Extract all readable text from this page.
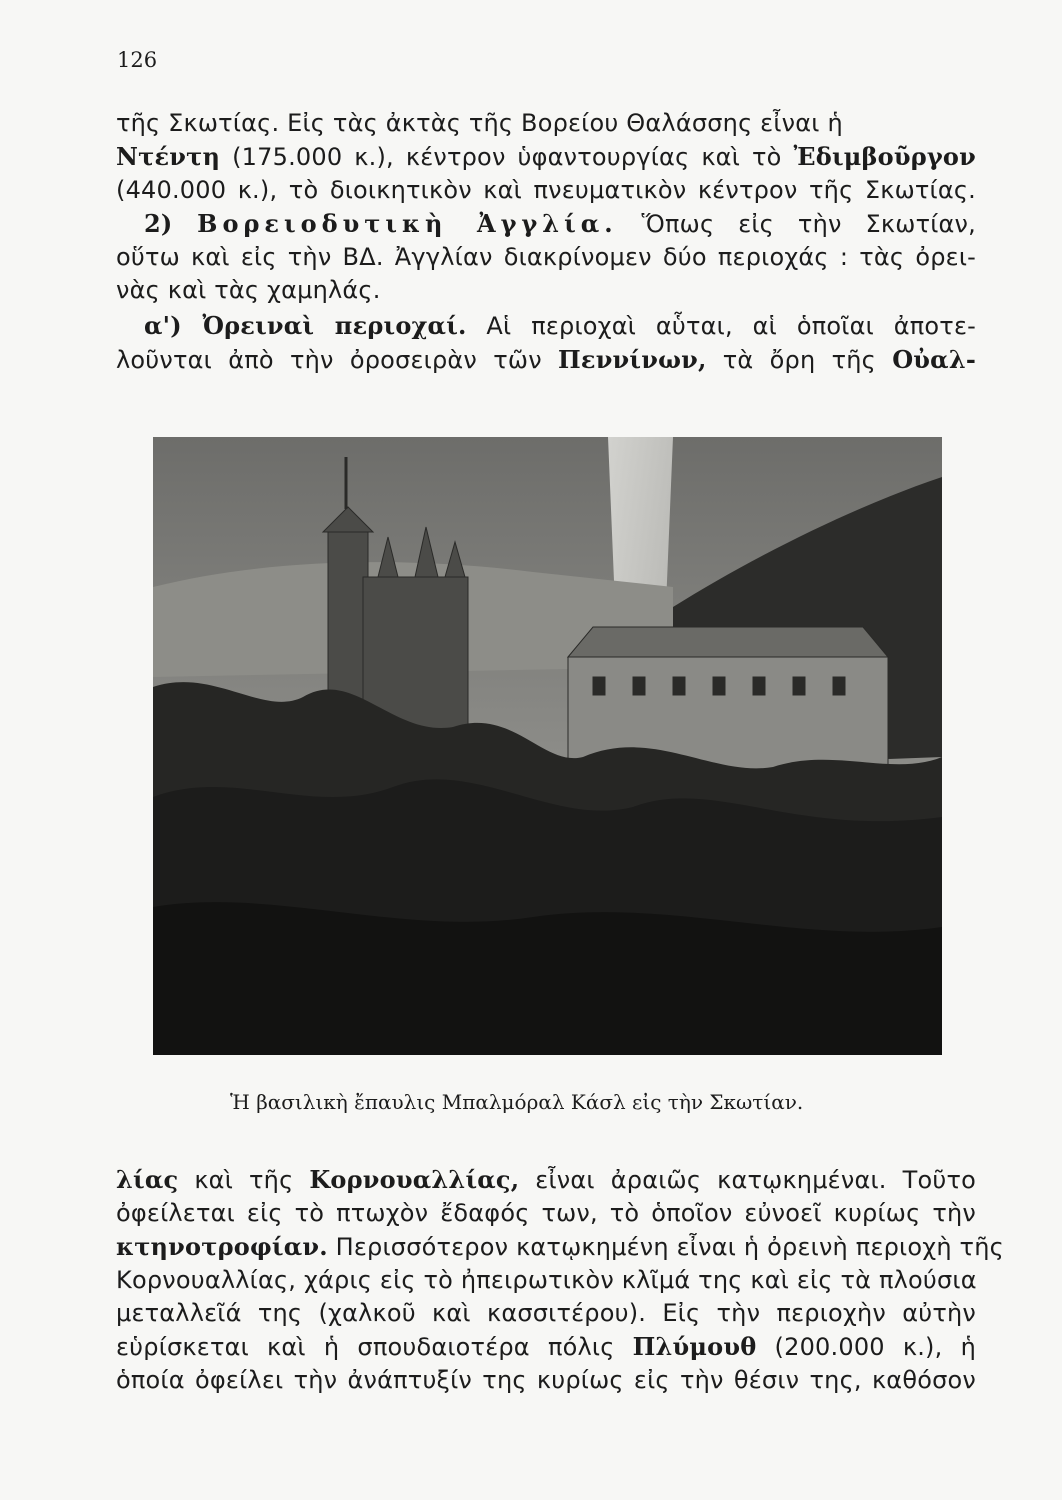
126
τῆς Σκωτίας. Εἰς τὰς ἀκτὰς τῆς Βορείου Θαλάσσης εἶναι ἡ
Ντέντη (175.000 κ.), κέντρον ὑφαντουργίας καὶ τὸ Ἐδιμβοῦργον
(440.000 κ.), τὸ διοικητικὸν καὶ πνευματικὸν κέντρον τῆς Σκωτίας.
2) Βορειοδυτικὴ Ἀγγλία. Ὅπως εἰς τὴν Σκωτίαν,
οὕτω καὶ εἰς τὴν ΒΔ. Ἀγγλίαν διακρίνομεν δύο περιοχάς : τὰς ὀρει-
νὰς καὶ τὰς χαμηλάς.
α') Ὀρειναὶ περιοχαί. Αἱ περιοχαὶ αὗται, αἱ ὁποῖαι ἀποτε-
λοῦνται ἀπὸ τὴν ὀροσειρὰν τῶν Πεννίνων, τὰ ὄρη τῆς Οὐαλ-
Ἡ βασιλικὴ ἔπαυλις Μπαλμόραλ Κάσλ εἰς τὴν Σκωτίαν.
λίας καὶ τῆς Κορνουαλλίας, εἶναι ἀραιῶς κατῳκημέναι. Τοῦτο
ὀφείλεται εἰς τὸ πτωχὸν ἔδαφός των, τὸ ὁποῖον εὐνοεῖ κυρίως τὴν
κτηνοτροφίαν. Περισσότερον κατῳκημένη εἶναι ἡ ὀρεινὴ περιοχὴ τῆς
Κορνουαλλίας, χάρις εἰς τὸ ἠπειρωτικὸν κλῖμά της καὶ εἰς τὰ πλούσια
μεταλλεῖά της (χαλκοῦ καὶ κασσιτέρου). Εἰς τὴν περιοχὴν αὐτὴν
εὑρίσκεται καὶ ἡ σπουδαιοτέρα πόλις Πλύμουθ (200.000 κ.), ἡ
ὁποία ὀφείλει τὴν ἀνάπτυξίν της κυρίως εἰς τὴν θέσιν της, καθόσον
